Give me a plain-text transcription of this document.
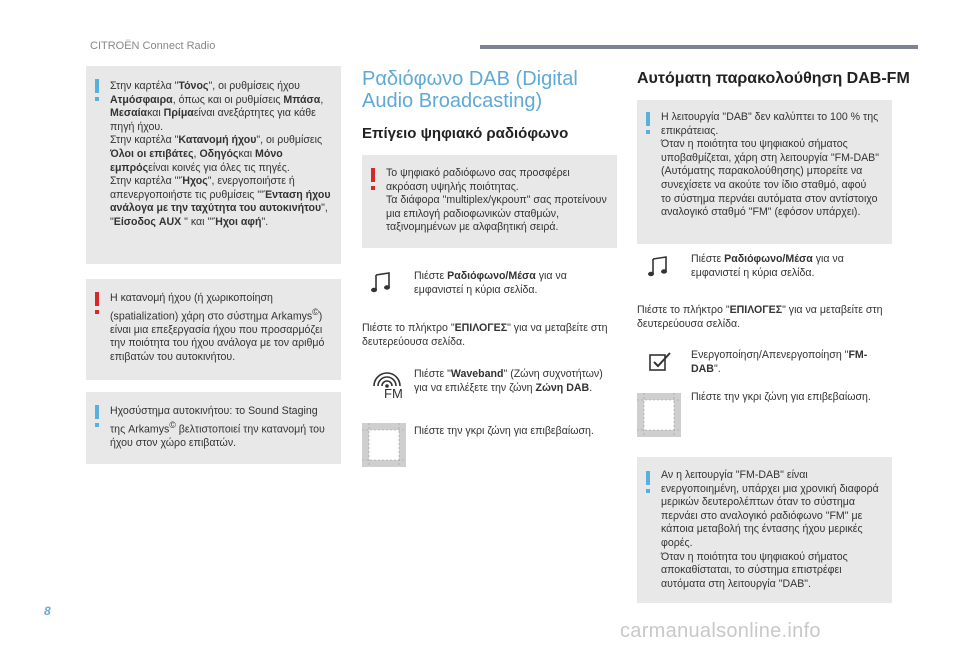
CITROËN Connect Radio
Στην καρτέλα "Τόνος", οι ρυθμίσεις ήχου
Ατμόσφαιρα, όπως και οι ρυθμίσεις Μπάσα,
Μεσαίακαι Πρίμαείναι ανεξάρτητες για κάθε
πηγή ήχου.
Στην καρτέλα "Κατανομή ήχου", οι ρυθμίσεις
Όλοι οι επιβάτες, Οδηγόςκαι Μόνο
εμπρόςείναι κοινές για όλες τις πηγές.
Στην καρτέλα "'Ήχος", ενεργοποιήστε ή
απενεργοποιήστε τις ρυθμίσεις "'Ένταση ήχου
ανάλογα με την ταχύτητα του αυτοκινήτου",
"Είσοδος AUX " και "'Ήχοι αφή".
Η κατανομή ήχου (ή χωρικοποίηση
(spatialization) χάρη στο σύστημα Arkamys©)
είναι μια επεξεργασία ήχου που προσαρμόζει
την ποιότητα του ήχου ανάλογα με τον αριθμό
επιβατών του αυτοκινήτου.
Ηχοσύστημα αυτοκινήτου: το Sound Staging
της Arkamys© βελτιστοποιεί την κατανομή του
ήχου στον χώρο επιβατών.
Ραδιόφωνο DAB (Digital
Audio Broadcasting)
Επίγειο ψηφιακό ραδιόφωνο
Το ψηφιακό ραδιόφωνο σας προσφέρει
ακρόαση υψηλής ποιότητας.
Τα διάφορα "multiplex/γκρουπ" σας προτείνουν
μια επιλογή ραδιοφωνικών σταθμών,
ταξινομημένων με αλφαβητική σειρά.
Πιέστε Ραδιόφωνο/Μέσα για να
εμφανιστεί η κύρια σελίδα.
Πιέστε το πλήκτρο "ΕΠΙΛΟΓΕΣ" για να μεταβείτε στη
δευτερεύουσα σελίδα.
FM
Πιέστε "Waveband" (Ζώνη συχνοτήτων)
για να επιλέξετε την ζώνη Ζώνη DAB.
Πιέστε την γκρι ζώνη για επιβεβαίωση.
Αυτόματη παρακολούθηση DAB-FM
Η λειτουργία "DAB" δεν καλύπτει το 100 % της
επικράτειας.
Όταν η ποιότητα του ψηφιακού σήματος
υποβαθμίζεται, χάρη στη λειτουργία "FM-DAB"
(Αυτόματης παρακολούθησης) μπορείτε να
συνεχίσετε να ακούτε τον ίδιο σταθμό, αφού
το σύστημα περνάει αυτόματα στον αντίστοιχο
αναλογικό σταθμό "FM" (εφόσον υπάρχει).
Πιέστε Ραδιόφωνο/Μέσα για να
εμφανιστεί η κύρια σελίδα.
Πιέστε το πλήκτρο "ΕΠΙΛΟΓΕΣ" για να μεταβείτε στη
δευτερεύουσα σελίδα.
Ενεργοποίηση/Απενεργοποίηση "FM-
DAB".
Πιέστε την γκρι ζώνη για επιβεβαίωση.
Αν η λειτουργία "FM-DAB" είναι
ενεργοποιημένη, υπάρχει μια χρονική διαφορά
μερικών δευτερολέπτων όταν το σύστημα
περνάει στο αναλογικό ραδιόφωνο "FM" με
κάποια μεταβολή της έντασης ήχου μερικές
φορές.
Όταν η ποιότητα του ψηφιακού σήματος
αποκαθίσταται, το σύστημα επιστρέφει
αυτόματα στη λειτουργία "DAB".
8
carmanualsonline.info
